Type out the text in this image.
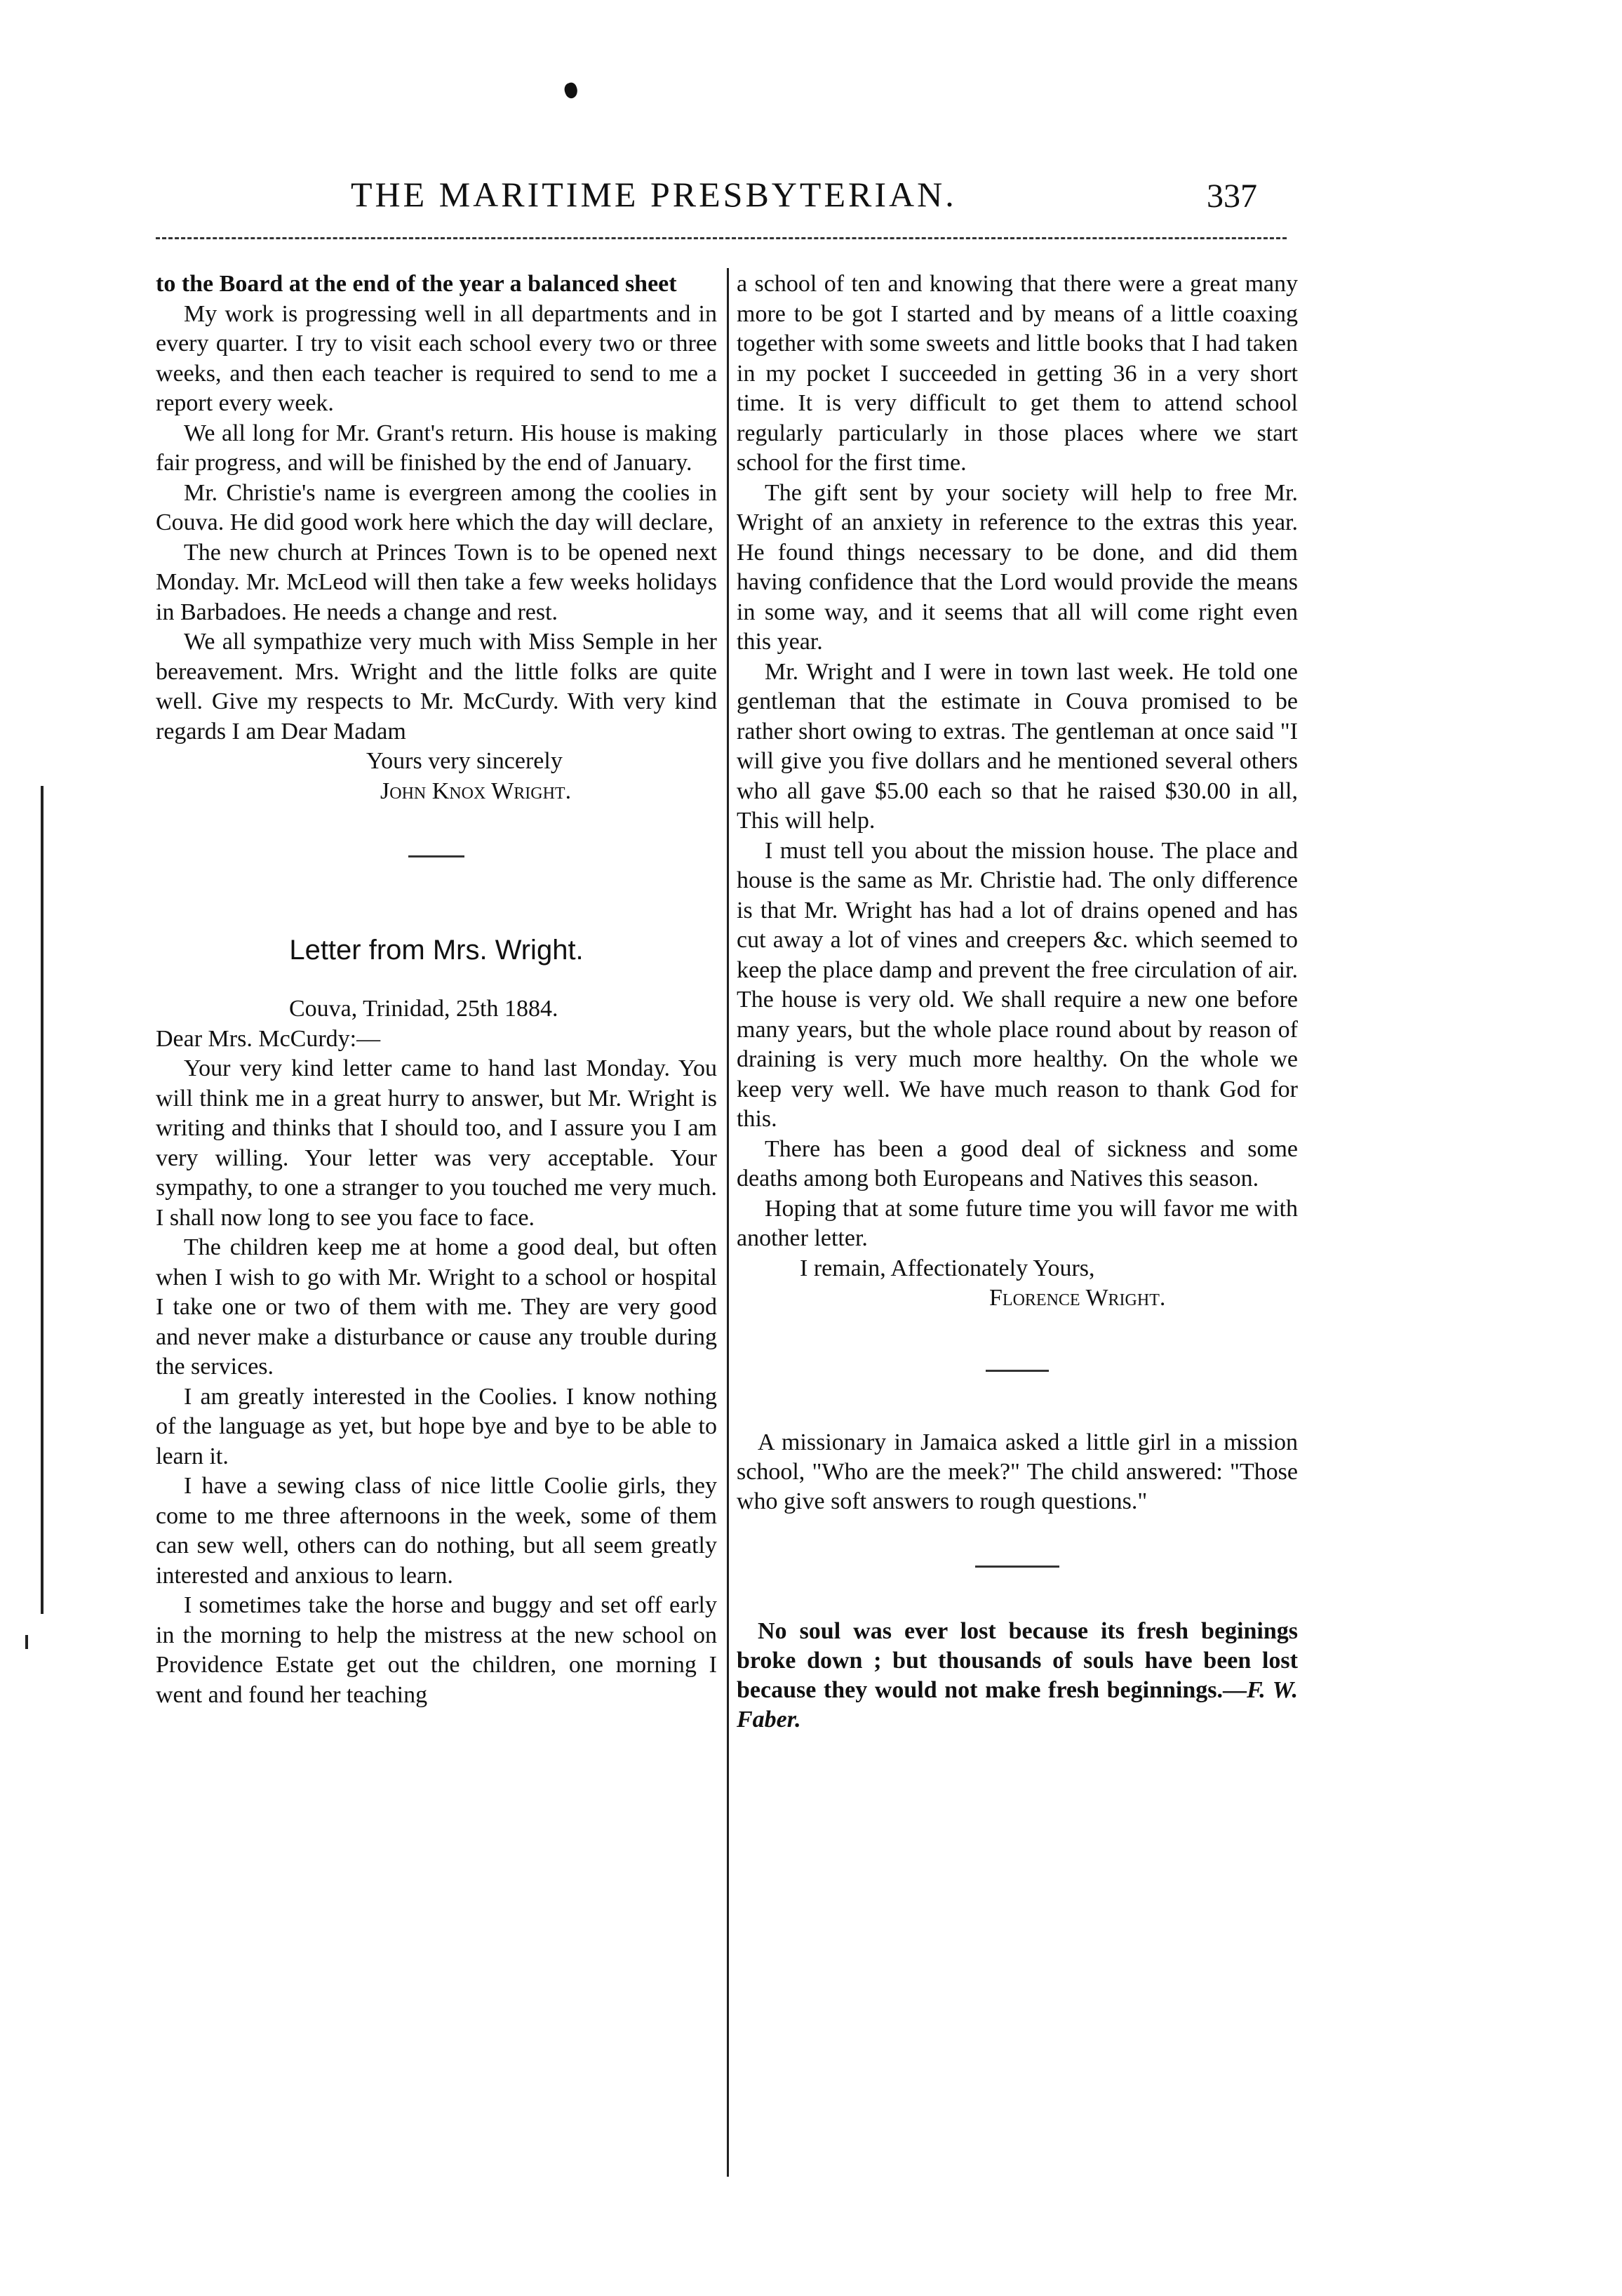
THE MARITIME PRESBYTERIAN.	337

to the Board at the end of the year a balanced sheet

My work is progressing well in all departments and in every quarter. I try to visit each school every two or three weeks, and then each teacher is required to send to me a report every week.

We all long for Mr. Grant's return. His house is making fair progress, and will be finished by the end of January.

Mr. Christie's name is evergreen among the coolies in Couva. He did good work here which the day will declare,

The new church at Princes Town is to be opened next Monday. Mr. McLeod will then take a few weeks holidays in Barbadoes. He needs a change and rest.

We all sympathize very much with Miss Semple in her bereavement. Mrs. Wright and the little folks are quite well. Give my respects to Mr. McCurdy. With very kind regards I am Dear Madam

Yours very sincerely

John Knox Wright.

Letter from Mrs. Wright.

Couva, Trinidad, 25th 1884.

Dear Mrs. McCurdy:—

Your very kind letter came to hand last Monday. You will think me in a great hurry to answer, but Mr. Wright is writing and thinks that I should too, and I assure you I am very willing. Your letter was very acceptable. Your sympathy, to one a stranger to you touched me very much. I shall now long to see you face to face.

The children keep me at home a good deal, but often when I wish to go with Mr. Wright to a school or hospital I take one or two of them with me. They are very good and never make a disturbance or cause any trouble during the services.

I am greatly interested in the Coolies. I know nothing of the language as yet, but hope bye and bye to be able to learn it.

I have a sewing class of nice little Coolie girls, they come to me three afternoons in the week, some of them can sew well, others can do nothing, but all seem greatly interested and anxious to learn.

I sometimes take the horse and buggy and set off early in the morning to help the mistress at the new school on Providence Estate get out the children, one morning I went and found her teaching

a school of ten and knowing that there were a great many more to be got I started and by means of a little coaxing together with some sweets and little books that I had taken in my pocket I succeeded in getting 36 in a very short time. It is very difficult to get them to attend school regularly particularly in those places where we start school for the first time.

The gift sent by your society will help to free Mr. Wright of an anxiety in reference to the extras this year. He found things necessary to be done, and did them having confidence that the Lord would provide the means in some way, and it seems that all will come right even this year.

Mr. Wright and I were in town last week. He told one gentleman that the estimate in Couva promised to be rather short owing to extras. The gentleman at once said "I will give you five dollars and he mentioned several others who all gave $5.00 each so that he raised $30.00 in all, This will help.

I must tell you about the mission house. The place and house is the same as Mr. Christie had. The only difference is that Mr. Wright has had a lot of drains opened and has cut away a lot of vines and creepers &c. which seemed to keep the place damp and prevent the free circulation of air. The house is very old. We shall require a new one before many years, but the whole place round about by reason of draining is very much more healthy. On the whole we keep very well. We have much reason to thank God for this.

There has been a good deal of sickness and some deaths among both Europeans and Natives this season.

Hoping that at some future time you will favor me with another letter.

I remain, Affectionately Yours,

Florence Wright.

A missionary in Jamaica asked a little girl in a mission school, "Who are the meek?" The child answered: "Those who give soft answers to rough questions."

No soul was ever lost because its fresh beginings broke down ; but thousands of souls have been lost because they would not make fresh beginnings.—F. W. Faber.
